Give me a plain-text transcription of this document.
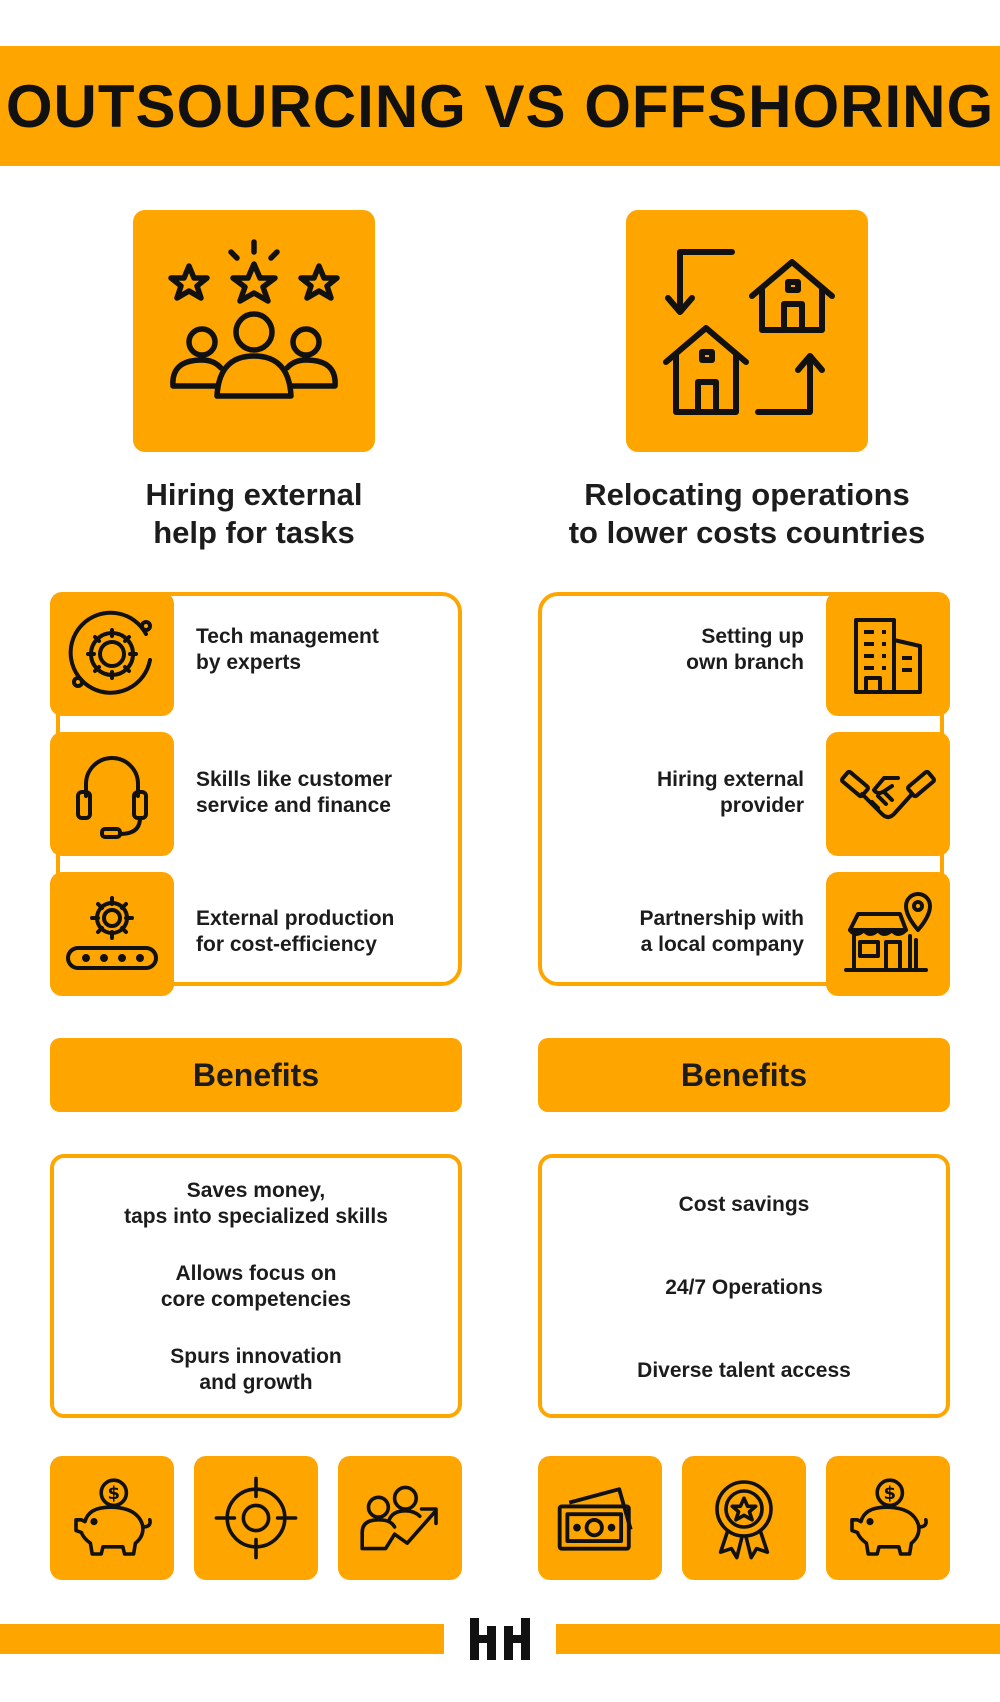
OUTSOURCING VS OFFSHORING
Hiring external
help for tasks
Relocating operations
to lower costs countries
Tech management
by experts
Skills like customer
service and finance
External production
for cost-efficiency
Setting up
own branch
Hiring external
provider
Partnership with
a local company
Benefits	Benefits
Saves money,
taps into specialized skills
Allows focus on
core competencies
Spurs innovation
and growth
Cost savings
24/7 Operations
Diverse talent access
$	$
